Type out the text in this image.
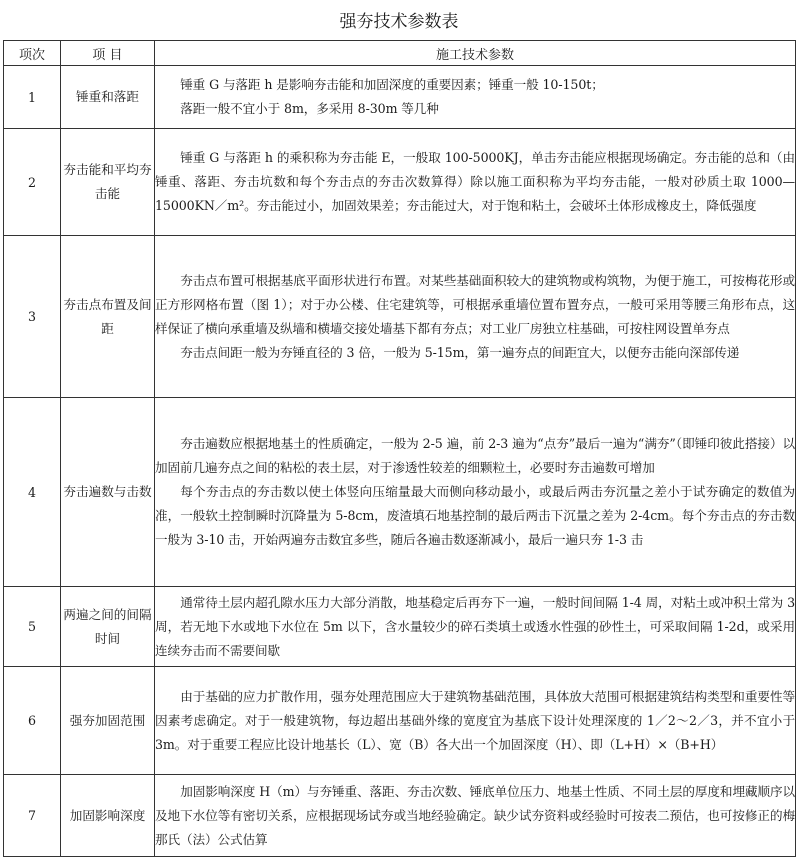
强夯技术参数表
项次	项 目	施工技术参数
1	锤重和落距	锤重 G 与落距 h 是影响夯击能和加固深度的重要因素；锤重一般 10-150t；

落距一般不宜小于 8m，多采用 8-30m 等几种

2	夯击能和平均夯击能	锤重 G 与落距 h 的乘积称为夯击能 E，一般取 100-5000KJ，单击夯击能应根据现场确定。夯击能的总和（由锤重、落距、夯击坑数和每个夯击点的夯击次数算得）除以施工面积称为平均夯击能，一般对砂质土取 1000—15000KN／m²。夯击能过小，加固效果差；夯击能过大，对于饱和粘土，会破坏土体形成橡皮土，降低强度

3	夯击点布置及间距	夯击点布置可根据基底平面形状进行布置。对某些基础面积较大的建筑物或构筑物，为便于施工，可按梅花形或正方形网格布置（图 1）；对于办公楼、住宅建筑等，可根据承重墙位置布置夯点，一般可采用等腰三角形布点，这样保证了横向承重墙及纵墙和横墙交接处墙基下都有夯点；对工业厂房独立柱基础，可按柱网设置单夯点

夯击点间距一般为夯锤直径的 3 倍，一般为 5-15m，第一遍夯点的间距宜大，以便夯击能向深部传递

4	夯击遍数与击数	夯击遍数应根据地基土的性质确定，一般为 2-5 遍，前 2-3 遍为“点夯”最后一遍为“满夯”（即锤印彼此搭接）以加固前几遍夯点之间的粘松的表土层，对于渗透性较差的细颗粒土，必要时夯击遍数可增加

每个夯击点的夯击数以使土体竖向压缩量最大而侧向移动最小，或最后两击夯沉量之差小于试夯确定的数值为准，一般软土控制瞬时沉降量为 5-8cm，废渣填石地基控制的最后两击下沉量之差为 2-4cm。每个夯击点的夯击数一般为 3-10 击，开始两遍夯击数宜多些，随后各遍击数逐渐减小，最后一遍只夯 1-3 击

5	两遍之间的间隔时间	通常待土层内超孔隙水压力大部分消散，地基稳定后再夯下一遍，一般时间间隔 1-4 周，对粘土或冲积土常为 3 周，若无地下水或地下水位在 5m 以下，含水量较少的碎石类填土或透水性强的砂性土，可采取间隔 1-2d，或采用连续夯击而不需要间歇

6	强夯加固范围	由于基础的应力扩散作用，强夯处理范围应大于建筑物基础范围，具体放大范围可根据建筑结构类型和重要性等因素考虑确定。对于一般建筑物，每边超出基础外缘的宽度宜为基底下设计处理深度的 1／2～2／3，并不宜小于 3m。对于重要工程应比设计地基长（L）、宽（B）各大出一个加固深度（H）、即（L+H）×（B+H）

7	加固影响深度	加固影响深度 H（m）与夯锤重、落距、夯击次数、锤底单位压力、地基土性质、不同土层的厚度和埋藏顺序以及地下水位等有密切关系，应根据现场试夯或当地经验确定。缺少试夯资料或经验时可按表二预估，也可按修正的梅那氏（法）公式估算
